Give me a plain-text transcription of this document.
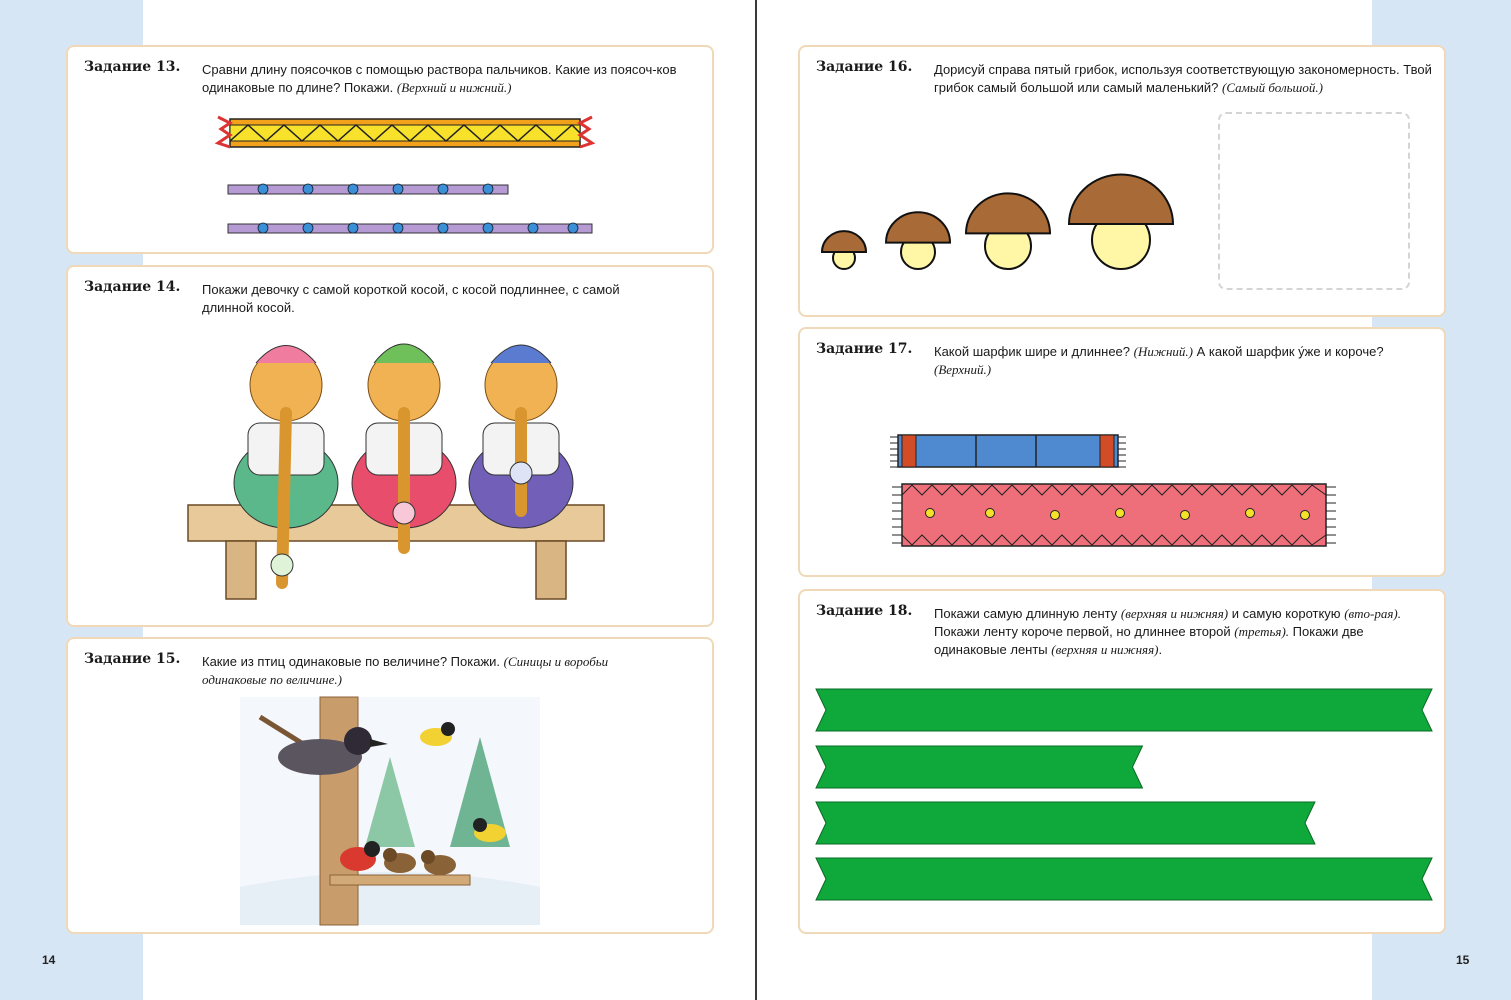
14	15
Задание 13. Сравни длину поясочков с помощью раствора пальчиков. Какие из поясоч-ков одинаковые по длине? Покажи. (Верхний и нижний.)
Задание 14. Покажи девочку с самой короткой косой, с косой подлиннее, с самой длинной косой.
Задание 15. Какие из птиц одинаковые по величине? Покажи. (Синицы и воробьи одинаковые по величине.)
Задание 16. Дорисуй справа пятый грибок, используя соответствующую закономерность. Твой грибок самый большой или самый маленький? (Самый большой.)
Задание 17. Какой шарфик шире и длиннее? (Нижний.) А какой шарфик у́же и короче? (Верхний.)
Задание 18. Покажи самую длинную ленту (верхняя и нижняя) и самую короткую (вто-рая). Покажи ленту короче первой, но длиннее второй (третья). Покажи две одинаковые ленты (верхняя и нижняя).
